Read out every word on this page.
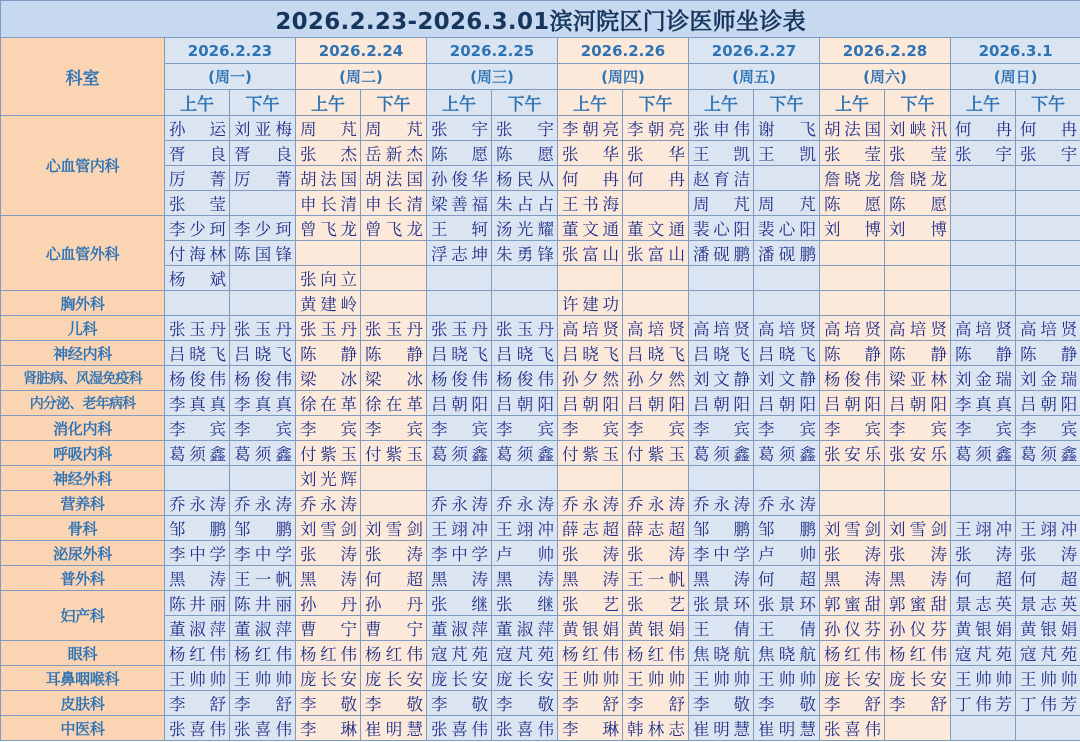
2026.2.23-2026.3.01滨河院区门诊医师坐诊表														
科室	2026.2.23		2026.2.24		2026.2.25		2026.2.26		2026.2.27		2026.2.28		2026.3.1	
	(周一)		(周二)		(周三)		(周四)		(周五)		(周六)		(周日)	
	上午	下午	上午	下午	上午	下午	上午	下午	上午	下午	上午	下午	上午	下午
心血管内科	孙运	刘亚梅	周芃	周芃	张宇	张宇	李朝亮	李朝亮	张申伟	谢飞	胡法国	刘峡汛	何冉	何冉
	胥良	胥良	张杰	岳新杰	陈愿	陈愿	张华	张华	王凯	王凯	张莹	张莹	张宇	张宇
	厉菁	厉菁	胡法国	胡法国	孙俊华	杨民从	何冉	何冉	赵育洁		詹晓龙	詹晓龙		
	张莹		申长清	申长清	梁善福	朱占占	王书海		周芃	周芃	陈愿	陈愿		
心血管外科	李少珂	李少珂	曾飞龙	曾飞龙	王轲	汤光耀	董文通	董文通	裴心阳	裴心阳	刘博	刘博		
	付海林	陈国锋			浮志坤	朱勇锋	张富山	张富山	潘砚鹏	潘砚鹏				
	杨斌		张向立											
胸外科			黄建岭				许建功							
儿科	张玉丹	张玉丹	张玉丹	张玉丹	张玉丹	张玉丹	高培贤	高培贤	高培贤	高培贤	高培贤	高培贤	高培贤	高培贤
神经内科	吕晓飞	吕晓飞	陈静	陈静	吕晓飞	吕晓飞	吕晓飞	吕晓飞	吕晓飞	吕晓飞	陈静	陈静	陈静	陈静
肾脏病、风湿免疫科	杨俊伟	杨俊伟	梁冰	梁冰	杨俊伟	杨俊伟	孙夕然	孙夕然	刘文静	刘文静	杨俊伟	梁亚林	刘金瑞	刘金瑞
内分泌、老年病科	李真真	李真真	徐在革	徐在革	吕朝阳	吕朝阳	吕朝阳	吕朝阳	吕朝阳	吕朝阳	吕朝阳	吕朝阳	李真真	吕朝阳
消化内科	李宾	李宾	李宾	李宾	李宾	李宾	李宾	李宾	李宾	李宾	李宾	李宾	李宾	李宾
呼吸内科	葛须鑫	葛须鑫	付紫玉	付紫玉	葛须鑫	葛须鑫	付紫玉	付紫玉	葛须鑫	葛须鑫	张安乐	张安乐	葛须鑫	葛须鑫
神经外科			刘光辉											
营养科	乔永涛	乔永涛	乔永涛		乔永涛	乔永涛	乔永涛	乔永涛	乔永涛	乔永涛				
骨科	邹鹏	邹鹏	刘雪剑	刘雪剑	王翊冲	王翊冲	薛志超	薛志超	邹鹏	邹鹏	刘雪剑	刘雪剑	王翊冲	王翊冲
泌尿外科	李中学	李中学	张涛	张涛	李中学	卢帅	张涛	张涛	李中学	卢帅	张涛	张涛	张涛	张涛
普外科	黑涛	王一帆	黑涛	何超	黑涛	黑涛	黑涛	王一帆	黑涛	何超	黑涛	黑涛	何超	何超
妇产科	陈井丽	陈井丽	孙丹	孙丹	张继	张继	张艺	张艺	张景环	张景环	郭蜜甜	郭蜜甜	景志英	景志英
	董淑萍	董淑萍	曹宁	曹宁	董淑萍	董淑萍	黄银娟	黄银娟	王倩	王倩	孙仪芬	孙仪芬	黄银娟	黄银娟
眼科	杨红伟	杨红伟	杨红伟	杨红伟	寇芃苑	寇芃苑	杨红伟	杨红伟	焦晓航	焦晓航	杨红伟	杨红伟	寇芃苑	寇芃苑
耳鼻咽喉科	王帅帅	王帅帅	庞长安	庞长安	庞长安	庞长安	王帅帅	王帅帅	王帅帅	王帅帅	庞长安	庞长安	王帅帅	王帅帅
皮肤科	李舒	李舒	李敬	李敬	李敬	李敬	李舒	李舒	李敬	李敬	李舒	李舒	丁伟芳	丁伟芳
中医科	张喜伟	张喜伟	李琳	崔明慧	张喜伟	张喜伟	李琳	韩林志	崔明慧	崔明慧	张喜伟			
